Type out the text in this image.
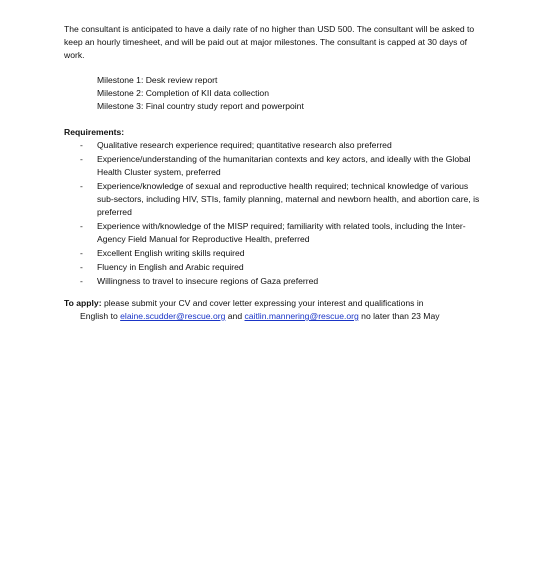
The consultant is anticipated to have a daily rate of no higher than USD 500. The consultant will be asked to keep an hourly timesheet, and will be paid out at major milestones. The consultant is capped at 30 days of work.

Milestone 1: Desk review report
Milestone 2: Completion of KII data collection
Milestone 3: Final country study report and powerpoint

Requirements:

-	Qualitative research experience required; quantitative research also preferred
-	Experience/understanding of the humanitarian contexts and key actors, and ideally with the Global Health Cluster system, preferred
-	Experience/knowledge of sexual and reproductive health required; technical knowledge of various sub-sectors, including HIV, STIs, family planning, maternal and newborn health, and abortion care, is preferred
-	Experience with/knowledge of the MISP required; familiarity with related tools, including the Inter-Agency Field Manual for Reproductive Health, preferred
-	Excellent English writing skills required
-	Fluency in English and Arabic required
-	Willingness to travel to insecure regions of Gaza preferred

To apply: please submit your CV and cover letter expressing your interest and qualifications in
English to elaine.scudder@rescue.org and caitlin.mannering@rescue.org no later than 23 May
